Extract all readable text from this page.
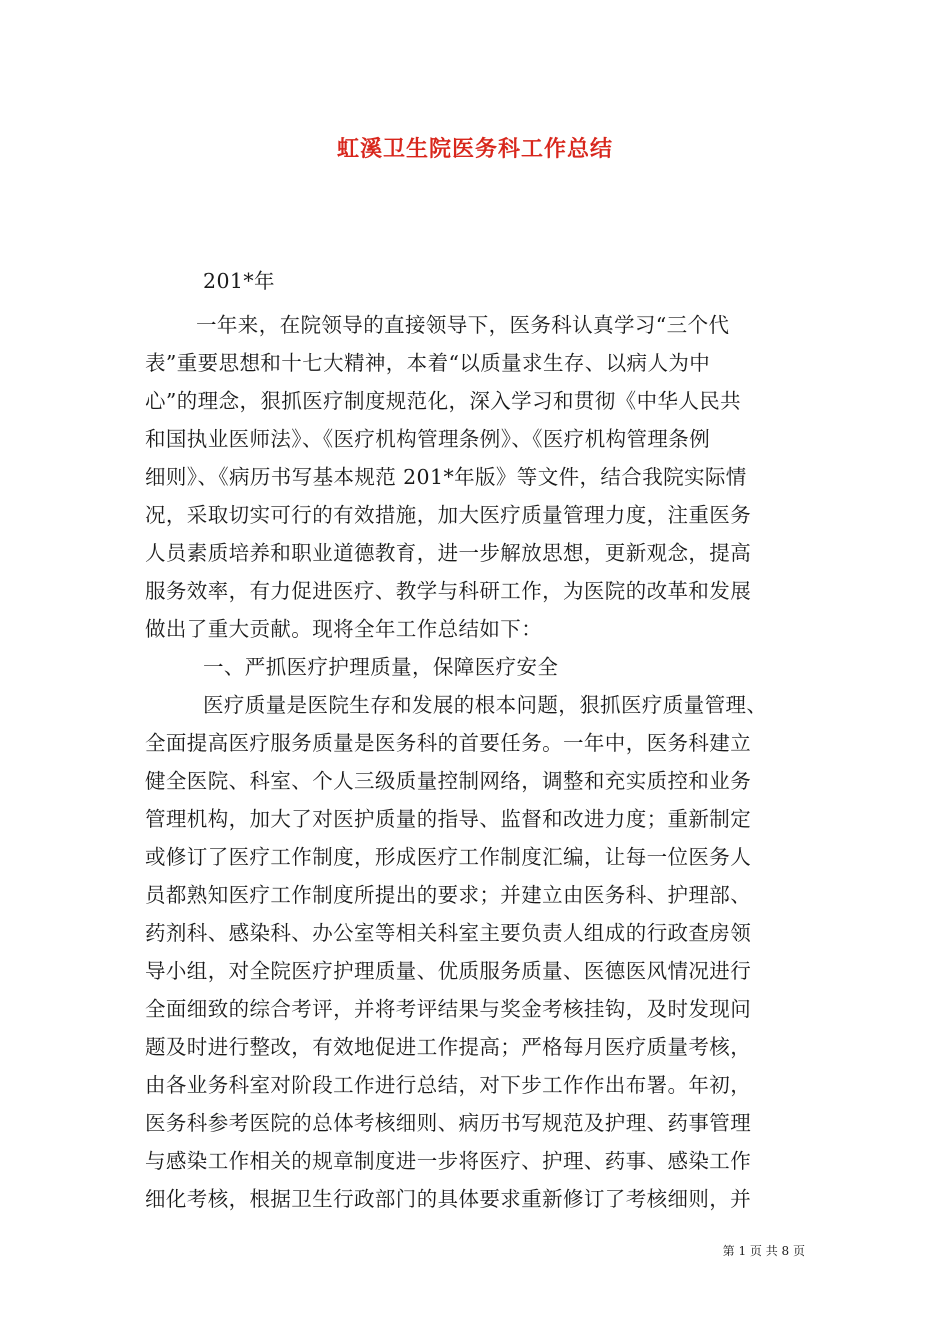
虹溪卫生院医务科工作总结

201*年

一年来，在院领导的直接领导下，医务科认真学习“三个代

表”重要思想和十七大精神，本着“以质量求生存、以病人为中

心”的理念，狠抓医疗制度规范化，深入学习和贯彻《中华人民共

和国执业医师法》、《医疗机构管理条例》、《医疗机构管理条例

细则》、《病历书写基本规范 201*年版》等文件，结合我院实际情

况，采取切实可行的有效措施，加大医疗质量管理力度，注重医务

人员素质培养和职业道德教育，进一步解放思想，更新观念，提高

服务效率，有力促进医疗、教学与科研工作，为医院的改革和发展

做出了重大贡献。现将全年工作总结如下：

一、严抓医疗护理质量，保障医疗安全

医疗质量是医院生存和发展的根本问题，狠抓医疗质量管理、

全面提高医疗服务质量是医务科的首要任务。一年中，医务科建立

健全医院、科室、个人三级质量控制网络，调整和充实质控和业务

管理机构，加大了对医护质量的指导、监督和改进力度；重新制定

或修订了医疗工作制度，形成医疗工作制度汇编，让每一位医务人

员都熟知医疗工作制度所提出的要求；并建立由医务科、护理部、

药剂科、感染科、办公室等相关科室主要负责人组成的行政查房领

导小组，对全院医疗护理质量、优质服务质量、医德医风情况进行

全面细致的综合考评，并将考评结果与奖金考核挂钩，及时发现问

题及时进行整改，有效地促进工作提高；严格每月医疗质量考核，

由各业务科室对阶段工作进行总结，对下步工作作出布署。年初，

医务科参考医院的总体考核细则、病历书写规范及护理、药事管理

与感染工作相关的规章制度进一步将医疗、护理、药事、感染工作

细化考核，根据卫生行政部门的具体要求重新修订了考核细则，并

第 1 页 共 8 页
